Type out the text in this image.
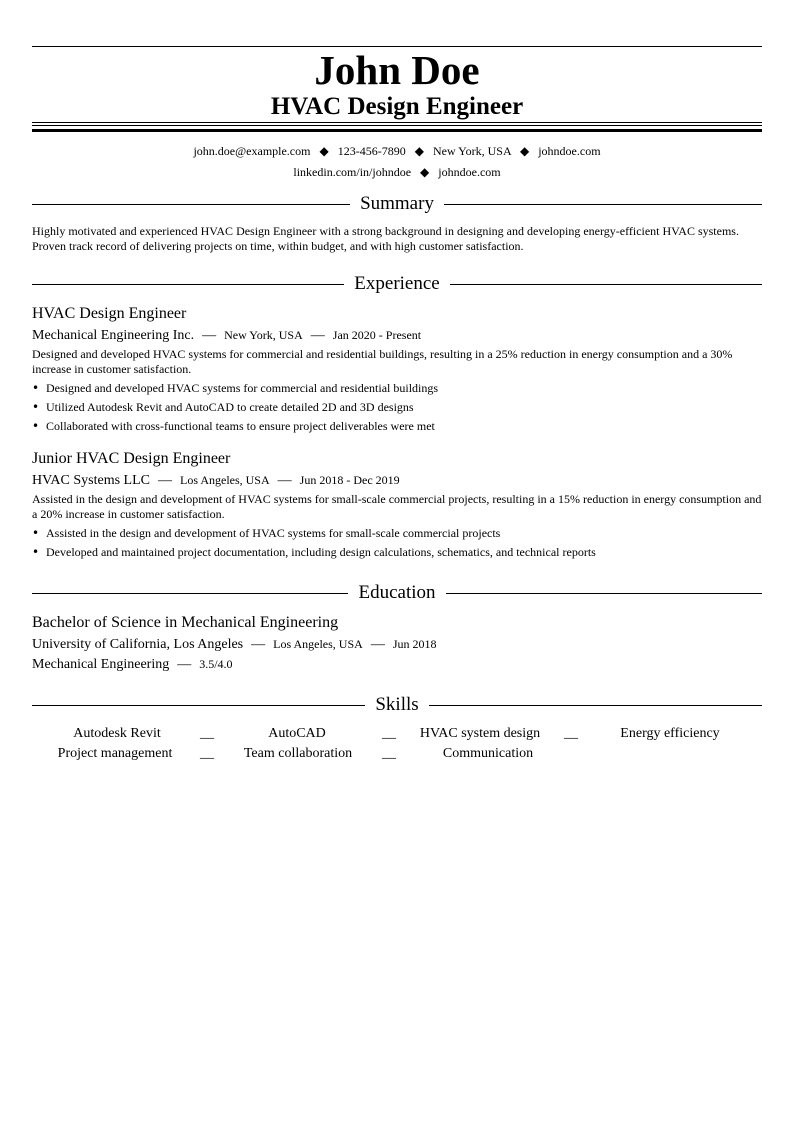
John Doe
HVAC Design Engineer
john.doe@example.com ◆ 123-456-7890 ◆ New York, USA ◆ johndoe.com
linkedin.com/in/johndoe ◆ johndoe.com
Summary
Highly motivated and experienced HVAC Design Engineer with a strong background in designing and developing energy-efficient HVAC systems. Proven track record of delivering projects on time, within budget, and with high customer satisfaction.
Experience
HVAC Design Engineer
Mechanical Engineering Inc. — New York, USA — Jan 2020 - Present
Designed and developed HVAC systems for commercial and residential buildings, resulting in a 25% reduction in energy consumption and a 30% increase in customer satisfaction.
• Designed and developed HVAC systems for commercial and residential buildings
• Utilized Autodesk Revit and AutoCAD to create detailed 2D and 3D designs
• Collaborated with cross-functional teams to ensure project deliverables were met
Junior HVAC Design Engineer
HVAC Systems LLC — Los Angeles, USA — Jun 2018 - Dec 2019
Assisted in the design and development of HVAC systems for small-scale commercial projects, resulting in a 15% reduction in energy consumption and a 20% increase in customer satisfaction.
• Assisted in the design and development of HVAC systems for small-scale commercial projects
• Developed and maintained project documentation, including design calculations, schematics, and technical reports
Education
Bachelor of Science in Mechanical Engineering
University of California, Los Angeles — Los Angeles, USA — Jun 2018
Mechanical Engineering — 3.5/4.0
Skills
Autodesk Revit	__	AutoCAD	__	HVAC system design	__	Energy efficiency
Project management	__	Team collaboration	__	Communication
